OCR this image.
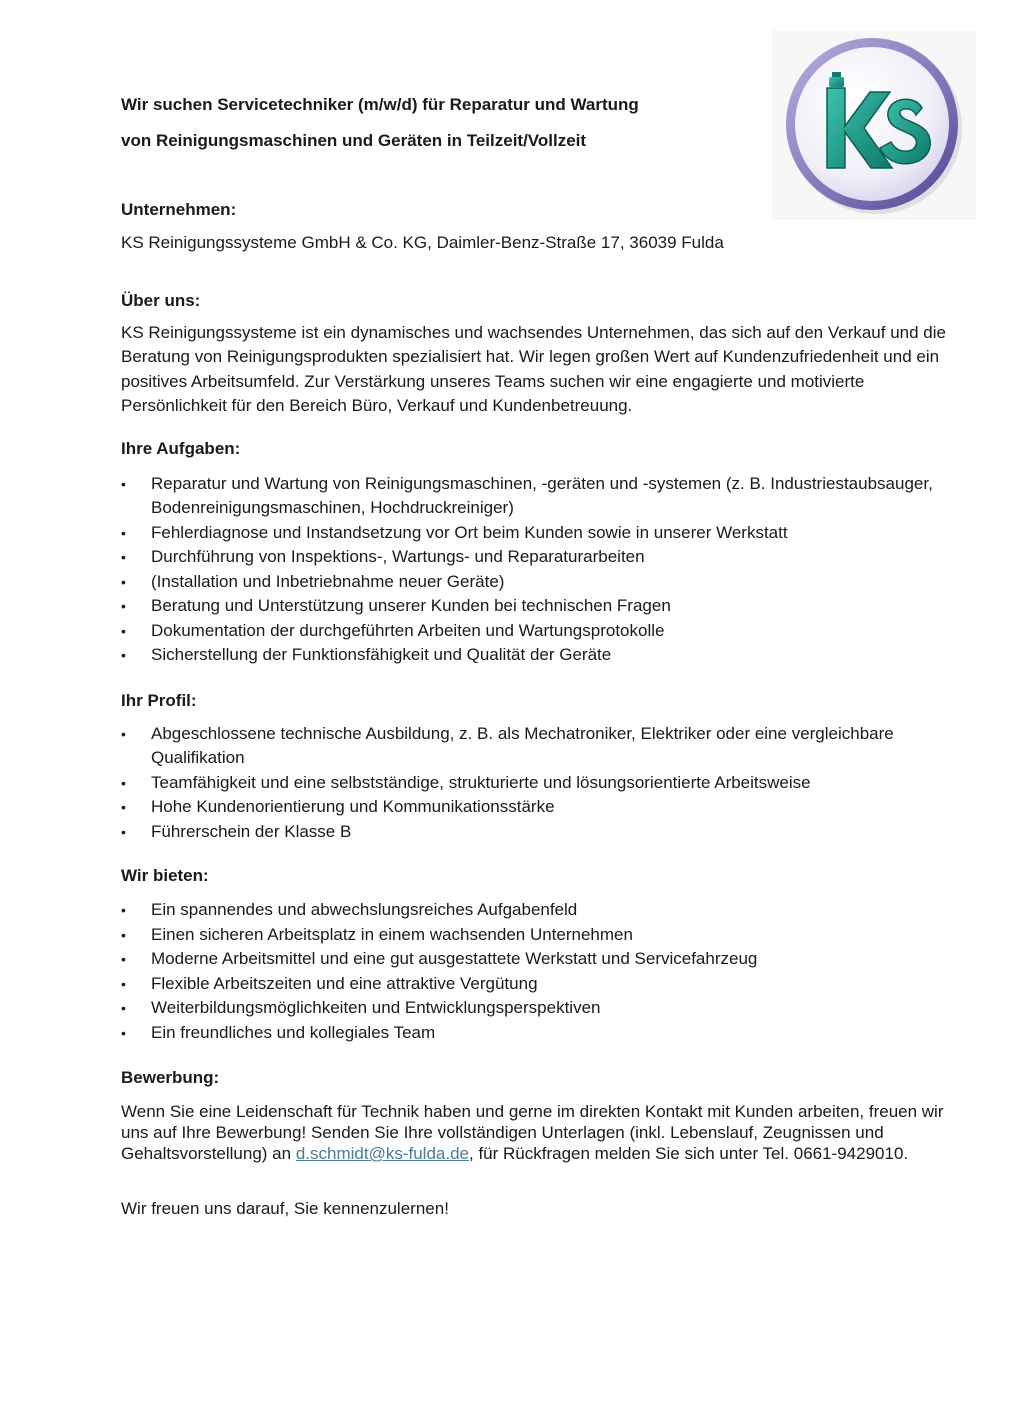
Wir suchen Servicetechniker (m/w/d) für Reparatur und Wartung

von Reinigungsmaschinen und Geräten in Teilzeit/Vollzeit

Unternehmen:

KS Reinigungssysteme GmbH & Co. KG, Daimler-Benz-Straße 17, 36039 Fulda

Über uns:

KS Reinigungssysteme ist ein dynamisches und wachsendes Unternehmen, das sich auf den Verkauf und die Beratung von Reinigungsprodukten spezialisiert hat. Wir legen großen Wert auf Kundenzufriedenheit und ein positives Arbeitsumfeld. Zur Verstärkung unseres Teams suchen wir eine engagierte und motivierte Persönlichkeit für den Bereich Büro, Verkauf und Kundenbetreuung.

Ihre Aufgaben:

• Reparatur und Wartung von Reinigungsmaschinen, -geräten und -systemen (z. B. Industriestaubsauger, Bodenreinigungsmaschinen, Hochdruckreiniger)
• Fehlerdiagnose und Instandsetzung vor Ort beim Kunden sowie in unserer Werkstatt
• Durchführung von Inspektions-, Wartungs- und Reparaturarbeiten
• (Installation und Inbetriebnahme neuer Geräte)
• Beratung und Unterstützung unserer Kunden bei technischen Fragen
• Dokumentation der durchgeführten Arbeiten und Wartungsprotokolle
• Sicherstellung der Funktionsfähigkeit und Qualität der Geräte

Ihr Profil:

• Abgeschlossene technische Ausbildung, z. B. als Mechatroniker, Elektriker oder eine vergleichbare Qualifikation
• Teamfähigkeit und eine selbstständige, strukturierte und lösungsorientierte Arbeitsweise
• Hohe Kundenorientierung und Kommunikationsstärke
• Führerschein der Klasse B

Wir bieten:

• Ein spannendes und abwechslungsreiches Aufgabenfeld
• Einen sicheren Arbeitsplatz in einem wachsenden Unternehmen
• Moderne Arbeitsmittel und eine gut ausgestattete Werkstatt und Servicefahrzeug
• Flexible Arbeitszeiten und eine attraktive Vergütung
• Weiterbildungsmöglichkeiten und Entwicklungsperspektiven
• Ein freundliches und kollegiales Team

Bewerbung:

Wenn Sie eine Leidenschaft für Technik haben und gerne im direkten Kontakt mit Kunden arbeiten, freuen wir uns auf Ihre Bewerbung! Senden Sie Ihre vollständigen Unterlagen (inkl. Lebenslauf, Zeugnissen und Gehaltsvorstellung) an d.schmidt@ks-fulda.de, für Rückfragen melden Sie sich unter Tel. 0661-9429010.

Wir freuen uns darauf, Sie kennenzulernen!
